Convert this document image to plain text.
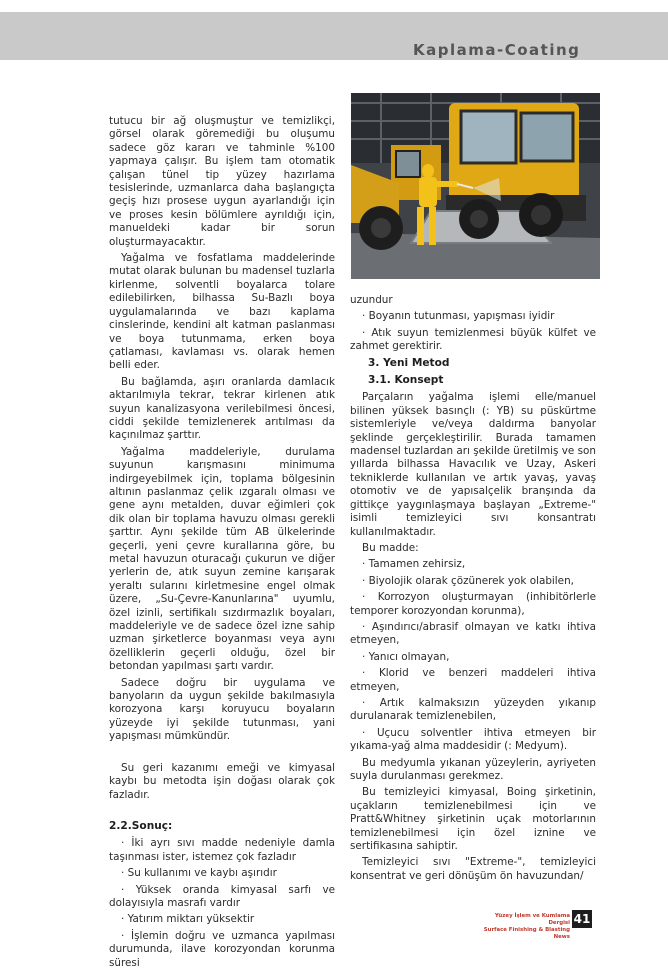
Kaplama-Coating

tutucu bir ağ oluşmuştur ve temizlikçi, görsel olarak göremediği bu oluşumu sadece göz kararı ve tahminle %100 yapmaya çalışır. Bu işlem tam otomatik çalışan tünel tip yüzey hazırlama tesislerinde, uzmanlarca daha başlangıçta geçiş hızı prosese uygun ayarlandığı için ve proses kesin bölümlere ayrıldığı için, manueldeki kadar bir sorun oluşturmayacaktır.

Yağalma ve fosfatlama maddelerinde mutat olarak bulunan bu madensel tuzlarla kirlenme, solventli boyalarca tolare edilebilirken, bilhassa Su-Bazlı boya uygulamalarında ve bazı kaplama cinslerinde, kendini alt katman paslanması ve boya tutunmama, erken boya çatlaması, kavlaması vs. olarak hemen belli eder.

Bu bağlamda, aşırı oranlarda damlacık aktarılmıyla tekrar, tekrar kirlenen atık suyun kanalizasyona verilebilmesi öncesi, ciddi şekilde temizlenerek arıtılması da kaçınılmaz şarttır.

Yağalma maddeleriyle, durulama suyunun karışmasını minimuma indirgeyebilmek için, toplama bölgesinin altının paslanmaz çelik ızgaralı olması ve gene aynı metalden, duvar eğimleri çok dik olan bir toplama havuzu olması gerekli şarttır. Aynı şekilde tüm AB ülkelerinde geçerli, yeni çevre kurallarına göre, bu metal havuzun oturacağı çukurun ve diğer yerlerin de, atık suyun zemine karışarak yeraltı sularını kirletmesine engel olmak üzere, „Su-Çevre-Kanunlarına" uyumlu, özel izinli, sertifikalı sızdırmazlık boyaları, maddeleriyle ve de sadece özel izne sahip uzman şirketlerce boyanması veya aynı özelliklerin geçerli olduğu, özel bir betondan yapılması şartı vardır.

Sadece doğru bir uygulama ve banyoların da uygun şekilde bakılmasıyla korozyona karşı koruyucu boyaların yüzeyde iyi şekilde tutunması, yani yapışması mümkündür.

Su geri kazanımı emeği ve kimyasal kaybı bu metodta işin doğası olarak çok fazladır.

2.2.Sonuç:
· İki ayrı sıvı madde nedeniyle damla taşınması ister, istemez çok fazladır
· Su kullanımı ve kaybı aşırıdır
· Yüksek oranda kimyasal sarfı ve dolayısıyla masrafı vardır
· Yatırım miktarı yüksektir
· İşlemin doğru ve uzmanca yapılması durumunda, ilave korozyondan korunma süresi

uzundur

· Boyanın tutunması, yapışması iyidir
· Atık suyun temizlenmesi büyük külfet ve zahmet gerektirir.
3. Yeni Metod
3.1. Konsept

Parçaların yağalma işlemi elle/manuel bilinen yüksek basınçlı (: YB) su püskürtme sistemleriyle ve/veya daldırma banyolar şeklinde gerçekleştirilir. Burada tamamen madensel tuzlardan arı şekilde üretilmiş ve son yıllarda bilhassa Havacılık ve Uzay, Askeri tekniklerde kullanılan ve artık yavaş, yavaş otomotiv ve de yapısalçelik branşında da gittikçe yaygınlaşmaya başlayan „Extreme-" isimli temizleyici sıvı konsantratı kullanılmaktadır.

Bu madde:

· Tamamen zehirsiz,
· Biyolojik olarak çözünerek yok olabilen,
· Korrozyon oluşturmayan (inhibitörlerle temporer korozyondan korunma),
· Aşındırıcı/abrasif olmayan ve katkı ihtiva etmeyen,
· Yanıcı olmayan,
· Klorid ve benzeri maddeleri ihtiva etmeyen,
· Artık kalmaksızın yüzeyden yıkanıp durulanarak temizlenebilen,
· Uçucu solventler ihtiva etmeyen bir yıkama-yağ alma maddesidir (: Medyum).

Bu medyumla yıkanan yüzeylerin, ayriyeten suyla durulanması gerekmez.

Bu temizleyici kimyasal, Boing şirketinin, uçakların temizlenebilmesi için ve Pratt&Whitney şirketinin uçak motorlarının temizlenebilmesi için özel iznine ve sertifikasına sahiptir.

Temizleyici sıvı "Extreme-", temizleyici konsentrat ve geri dönüşüm ön havuzundan/

Yüzey İşlem ve Kumlama Dergisi
Surface Finishing & Blasting News
41
